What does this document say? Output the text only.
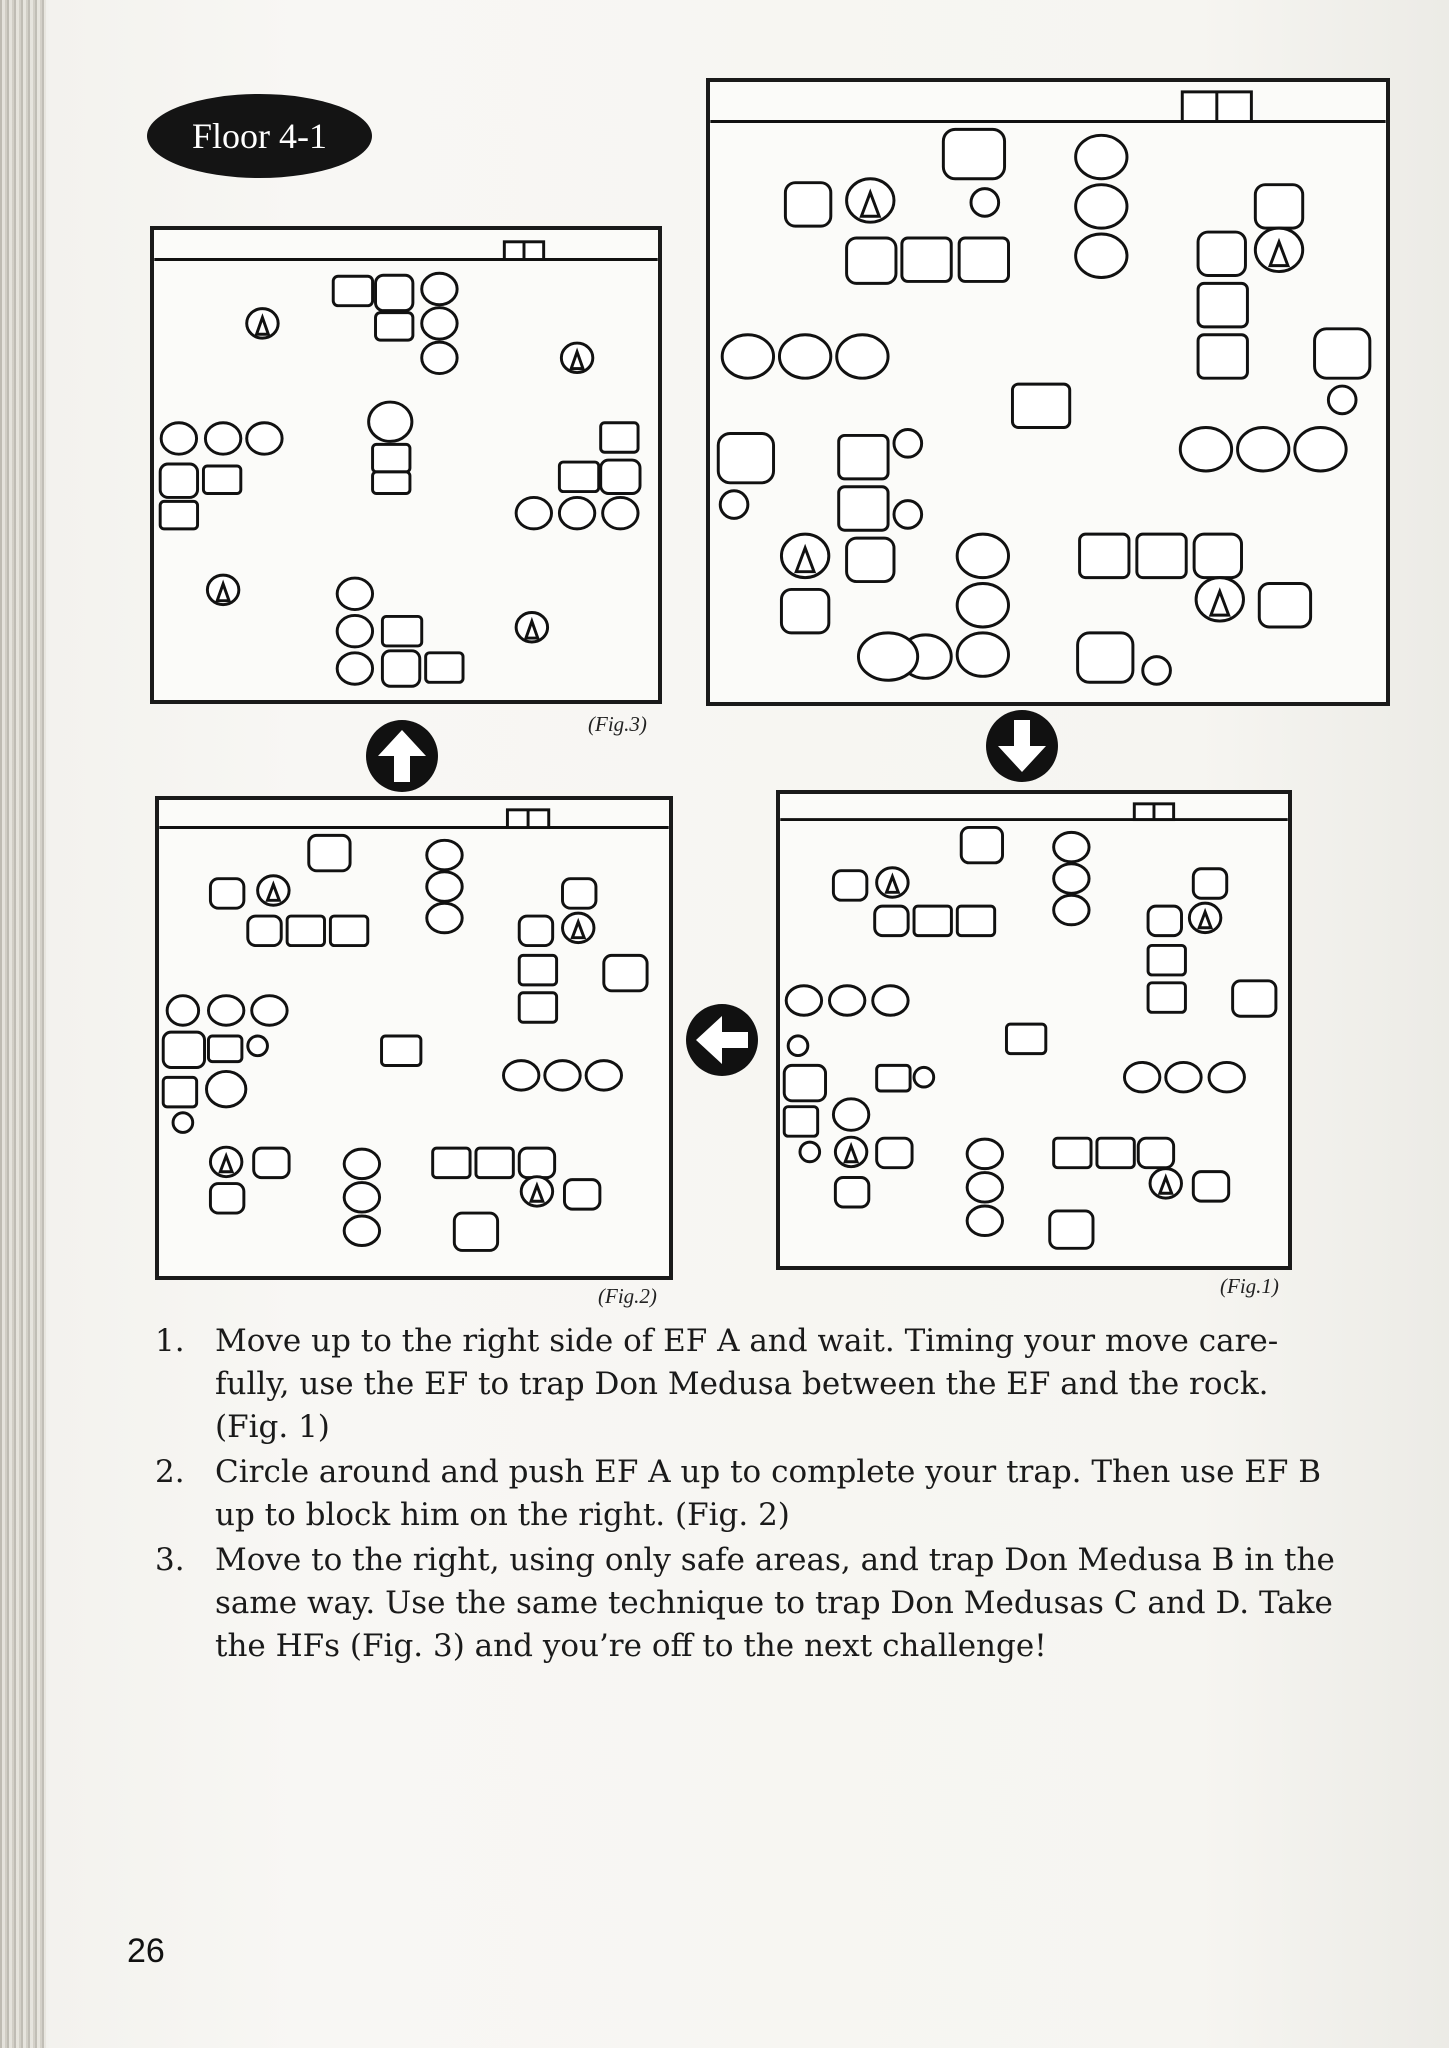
Floor 4-1
(Fig.3)
(Fig.2)	(Fig.1)
1. Move up to the right side of EF A and wait. Timing your move care-
fully, use the EF to trap Don Medusa between the EF and the rock.
(Fig. 1)
2. Circle around and push EF A up to complete your trap. Then use EF B
up to block him on the right. (Fig. 2)
3. Move to the right, using only safe areas, and trap Don Medusa B in the
same way. Use the same technique to trap Don Medusas C and D. Take
the HFs (Fig. 3) and you’re off to the next challenge!
26
